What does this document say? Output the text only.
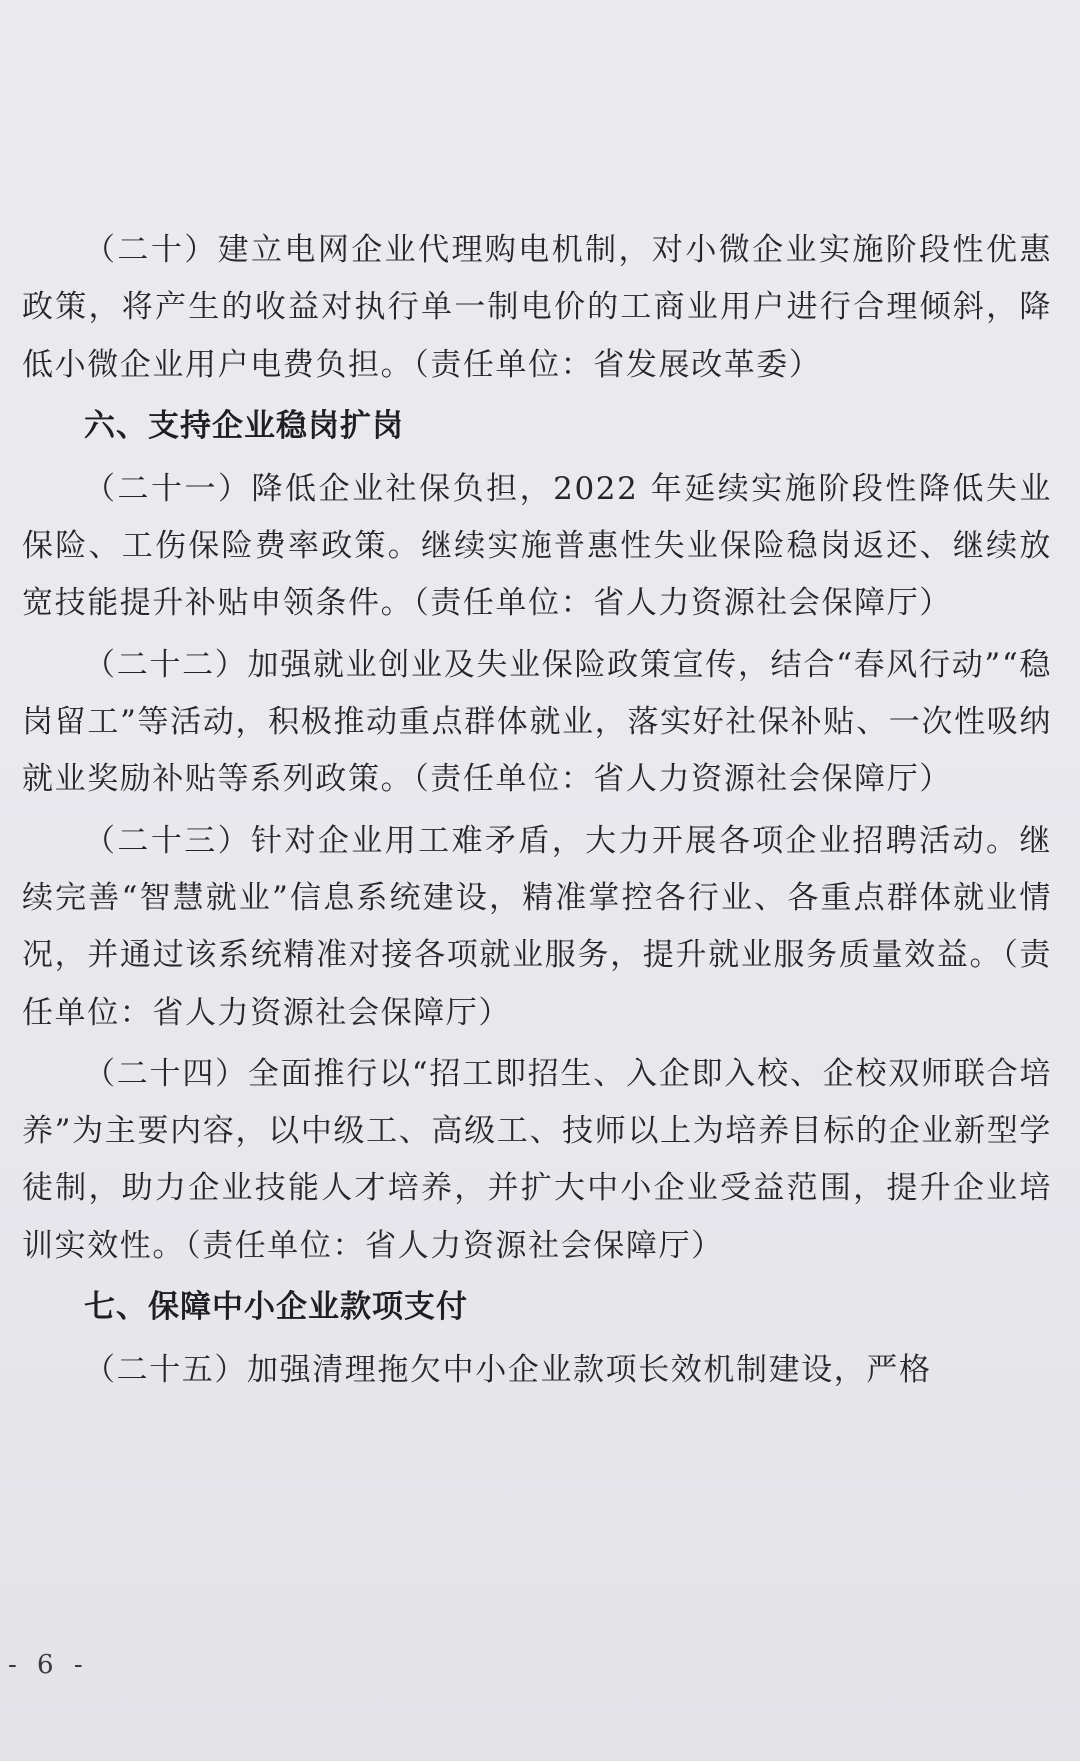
（二十）建立电网企业代理购电机制，对小微企业实施阶段性优惠政策，将产生的收益对执行单一制电价的工商业用户进行合理倾斜，降低小微企业用户电费负担。（责任单位：省发展改革委）

六、支持企业稳岗扩岗

（二十一）降低企业社保负担，2022 年延续实施阶段性降低失业保险、工伤保险费率政策。继续实施普惠性失业保险稳岗返还、继续放宽技能提升补贴申领条件。（责任单位：省人力资源社会保障厅）

（二十二）加强就业创业及失业保险政策宣传，结合“春风行动”“稳岗留工”等活动，积极推动重点群体就业，落实好社保补贴、一次性吸纳就业奖励补贴等系列政策。（责任单位：省人力资源社会保障厅）

（二十三）针对企业用工难矛盾，大力开展各项企业招聘活动。继续完善“智慧就业”信息系统建设，精准掌控各行业、各重点群体就业情况，并通过该系统精准对接各项就业服务，提升就业服务质量效益。（责任单位：省人力资源社会保障厅）

（二十四）全面推行以“招工即招生、入企即入校、企校双师联合培养”为主要内容，以中级工、高级工、技师以上为培养目标的企业新型学徒制，助力企业技能人才培养，并扩大中小企业受益范围，提升企业培训实效性。（责任单位：省人力资源社会保障厅）

七、保障中小企业款项支付

（二十五）加强清理拖欠中小企业款项长效机制建设，严格

- 6 -
